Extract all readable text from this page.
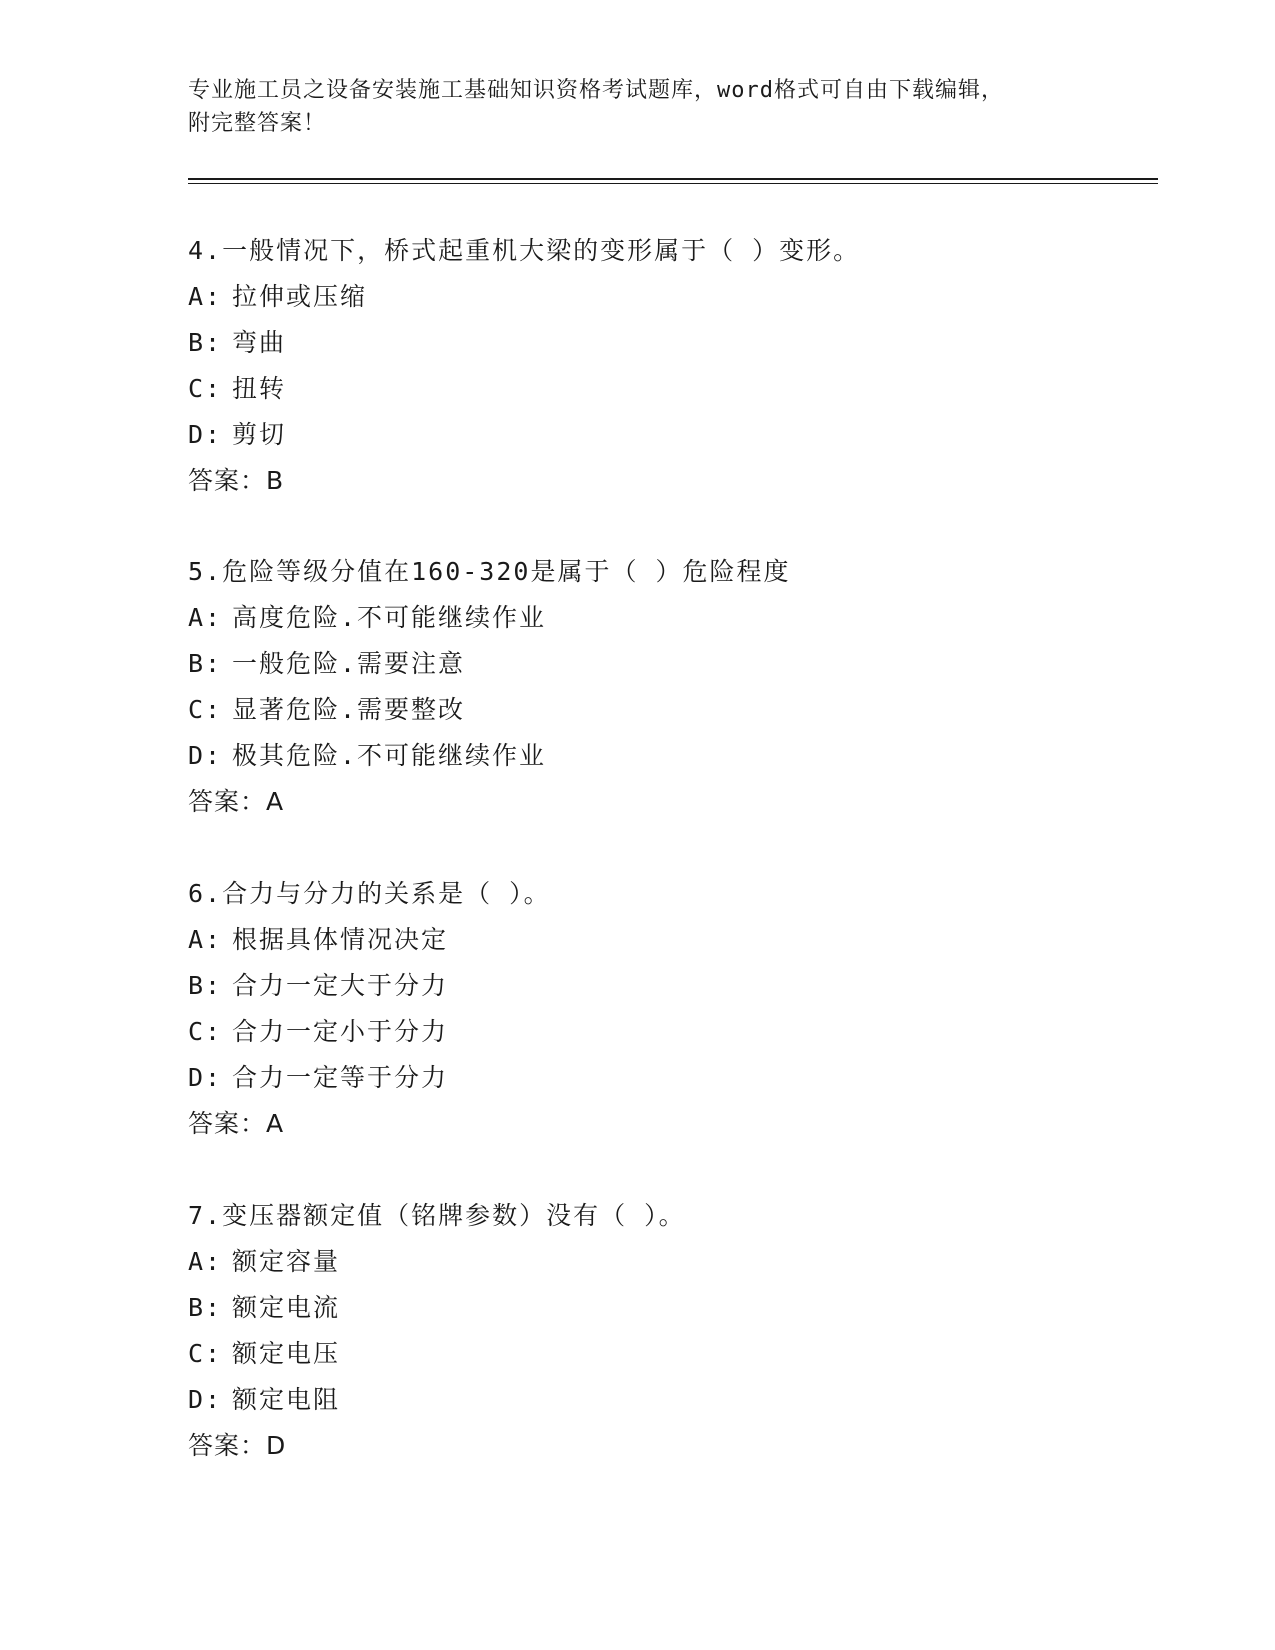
专业施工员之设备安装施工基础知识资格考试题库，word格式可自由下载编辑，
附完整答案！
4.一般情况下，桥式起重机大梁的变形属于（ ）变形。
A: 拉伸或压缩
B: 弯曲
C: 扭转
D: 剪切
答案：B
5.危险等级分值在160-320是属于（ ）危险程度
A: 高度危险.不可能继续作业
B: 一般危险.需要注意
C: 显著危险.需要整改
D: 极其危险.不可能继续作业
答案：A
6.合力与分力的关系是（ ）。
A: 根据具体情况决定
B: 合力一定大于分力
C: 合力一定小于分力
D: 合力一定等于分力
答案：A
7.变压器额定值（铭牌参数）没有（ ）。
A: 额定容量
B: 额定电流
C: 额定电压
D: 额定电阻
答案：D
